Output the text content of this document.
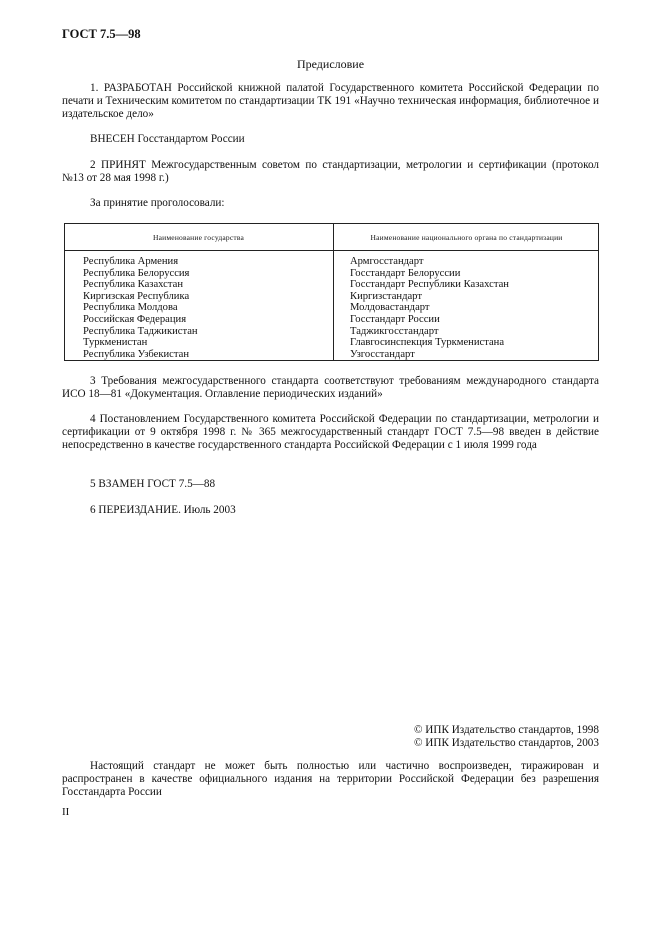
ГОСТ 7.5—98
Предисловие
1. РАЗРАБОТАН Российской книжной палатой Государственного комитета Российской Федерации по печати и Техническим комитетом по стандартизации ТК 191 «Научно техническая информация, библиотечное и издательское дело»
ВНЕСЕН Госстандартом России
2 ПРИНЯТ Межгосударственным советом по стандартизации, метрологии и сертификации (протокол №13 от 28 мая 1998 г.)
За принятие проголосовали:
Наименование государства	Наименование национального органа по стандартизации
Республика Армения
Республика Белоруссия
Республика Казахстан
Киргизская Республика
Республика Молдова
Российская Федерация
Республика Таджикистан
Туркменистан
Республика Узбекистан
Армгосстандарт
Госстандарт Белоруссии
Госстандарт Республики Казахстан
Киргизстандарт
Молдовастандарт
Госстандарт России
Таджикгосстандарт
Главгосинспекция Туркменистана
Узгосстандарт
3 Требования межгосударственного стандарта соответствуют требованиям международного стандарта ИСО 18—81 «Документация. Оглавление периодических изданий»
4 Постановлением Государственного комитета Российской Федерации по стандартизации, метрологии и сертификации от 9 октября 1998 г. № 365 межгосударственный стандарт ГОСТ 7.5—98 введен в действие непосредственно в качестве государственного стандарта Российской Федерации с 1 июля 1999 года
5 ВЗАМЕН ГОСТ 7.5—88
6 ПЕРЕИЗДАНИЕ. Июль 2003
© ИПК Издательство стандартов, 1998
© ИПК Издательство стандартов, 2003
Настоящий стандарт не может быть полностью или частично воспроизведен, тиражирован и распространен в качестве официального издания на территории Российской Федерации без разрешения Госстандарта России
II
